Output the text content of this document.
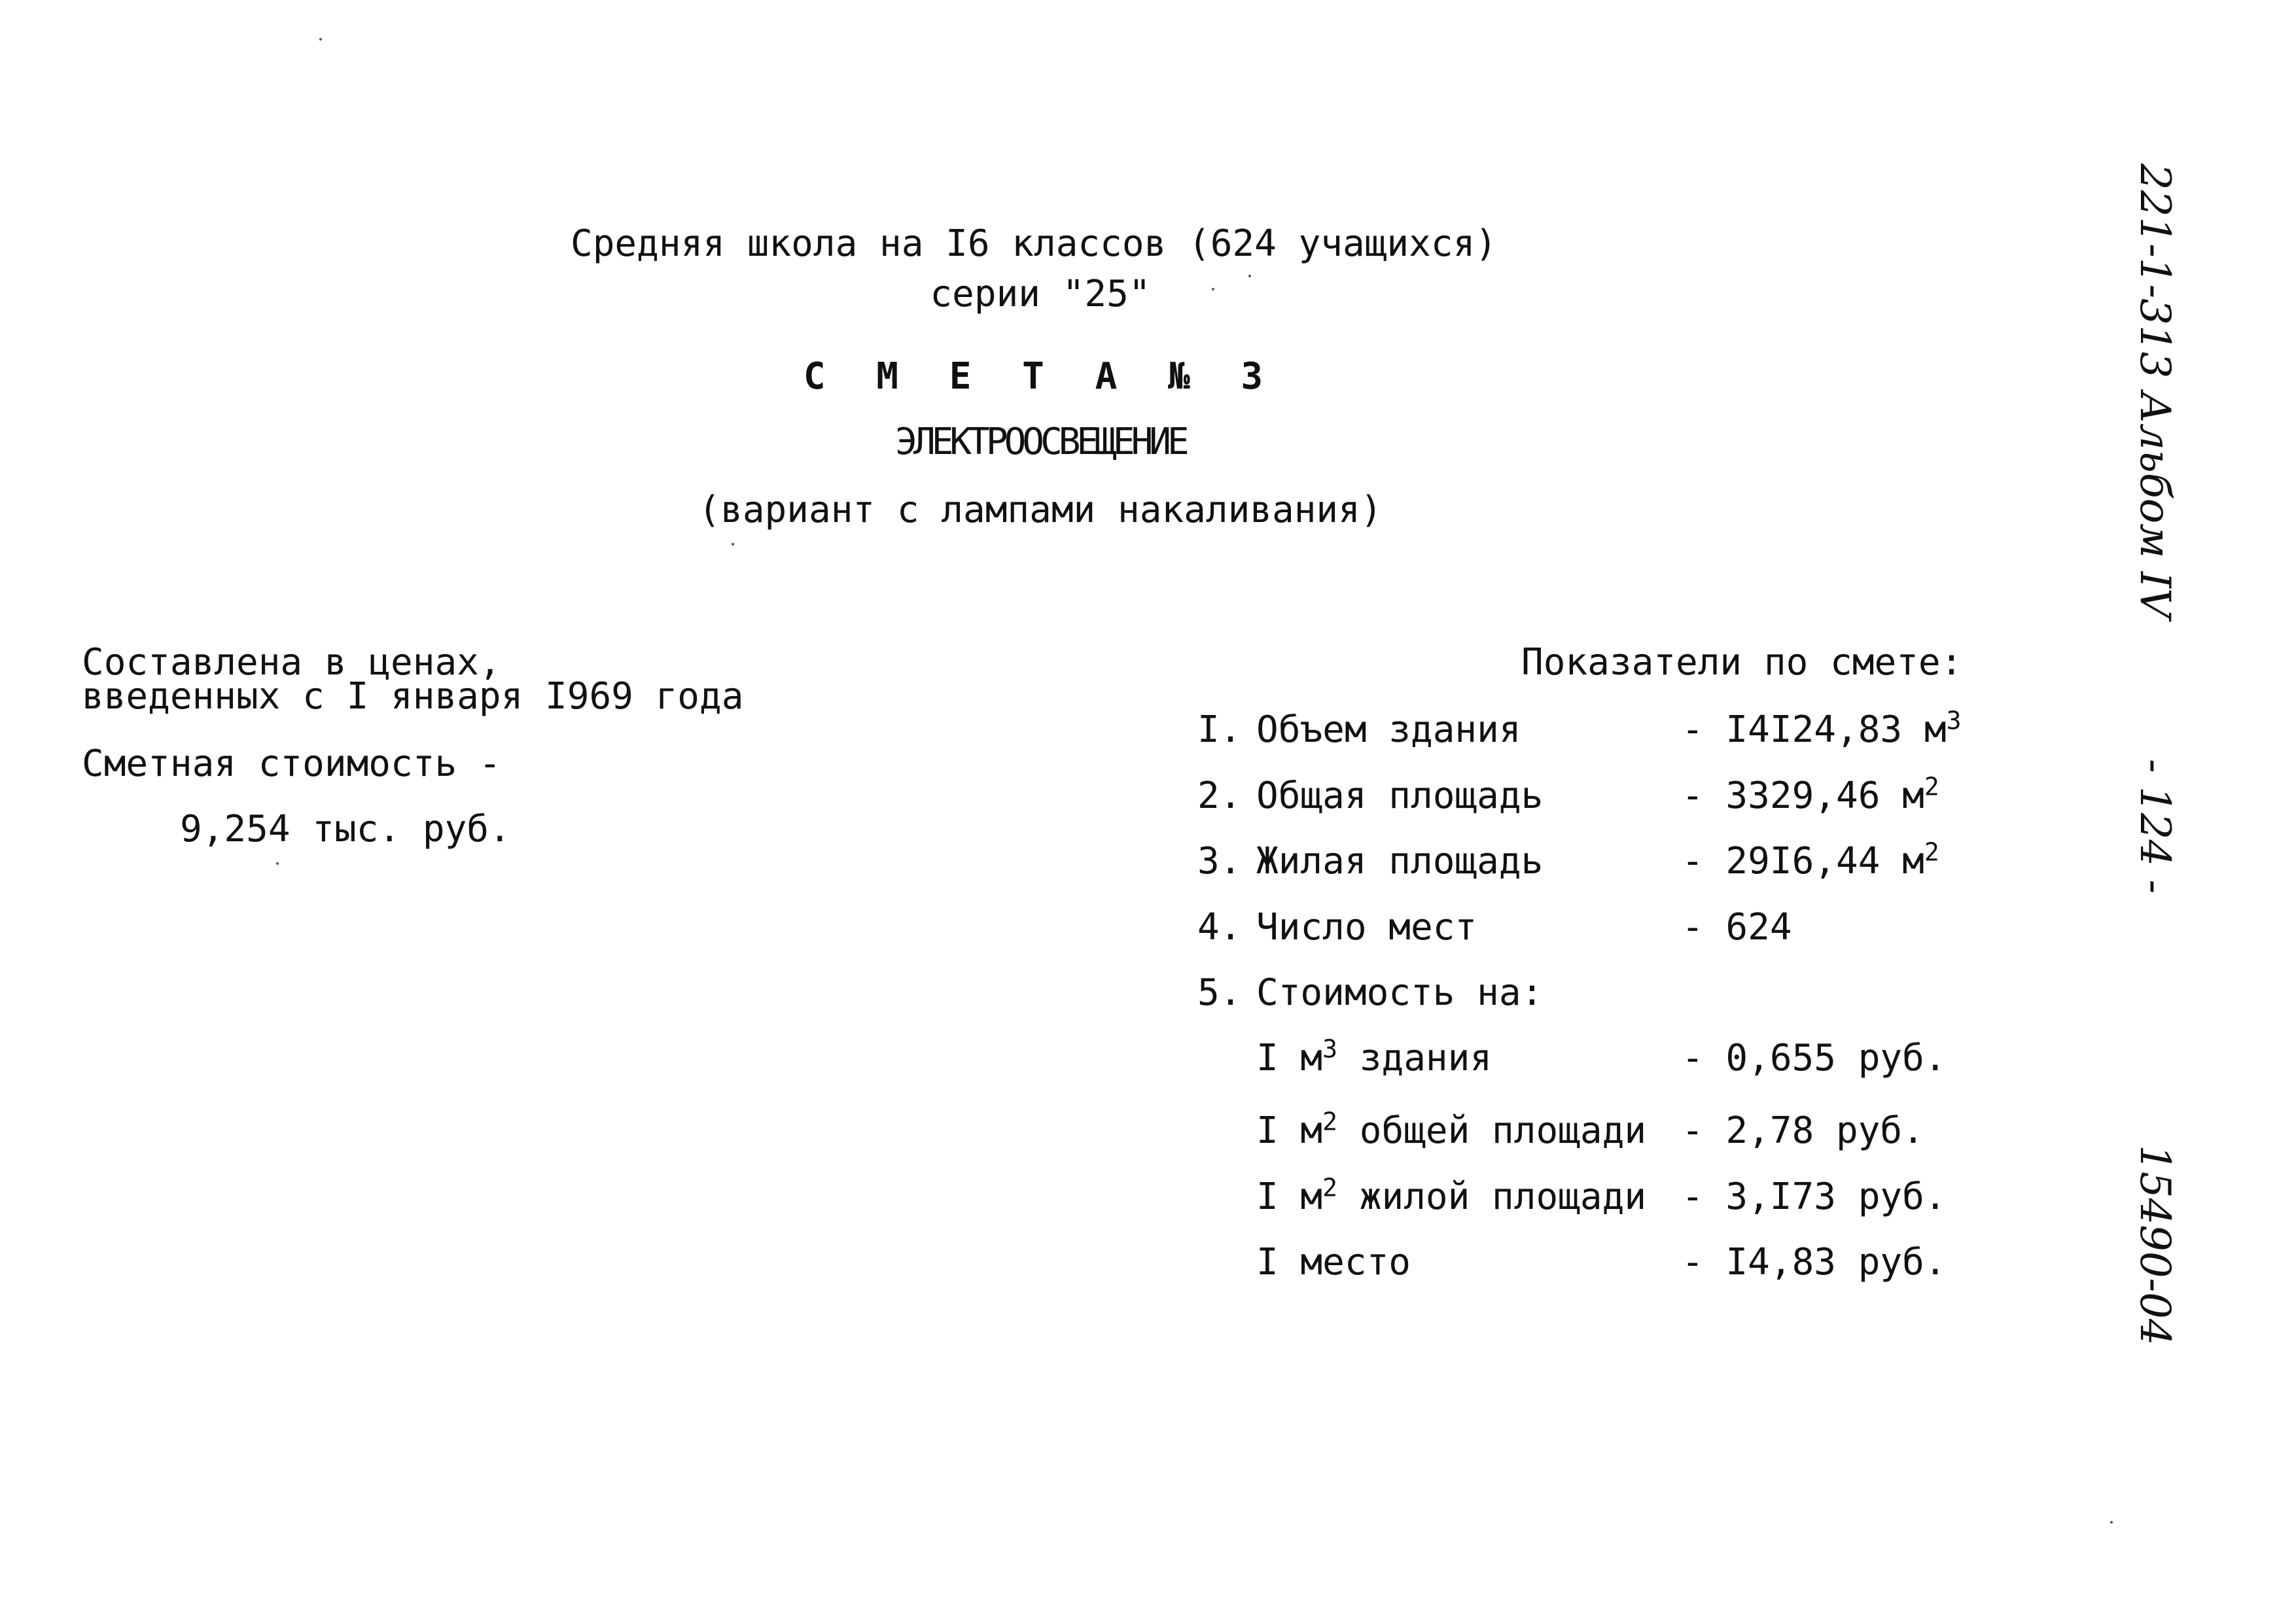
Средняя школа на I6 классов (624 учащихся)
серии "25"
С М Е Т А № 3
ЭЛЕКТРООСВЕЩЕНИЕ
(вариант с лампами накаливания)
Составлена в ценах,
введенных с I января I969 года
Сметная стоимость -
9,254 тыс. руб.
Показатели по смете:
I. Объем здания	- I4I24,83 $м^3$
2. Общая площадь	- 3329,46 $м^2$
3. Жилая площадь	- 29I6,44 $м^2$
4. Число мест	- 624
5. Стоимость на:
I $м^3$ здания	- 0,655 руб.
I $м^2$ общей площади - 2,78 руб.
I $м^2$ жилой площади - 3,I73 руб.
I место	- I4,83 руб.
221-1-313 Альбом IV
- 124 -
15490-04
